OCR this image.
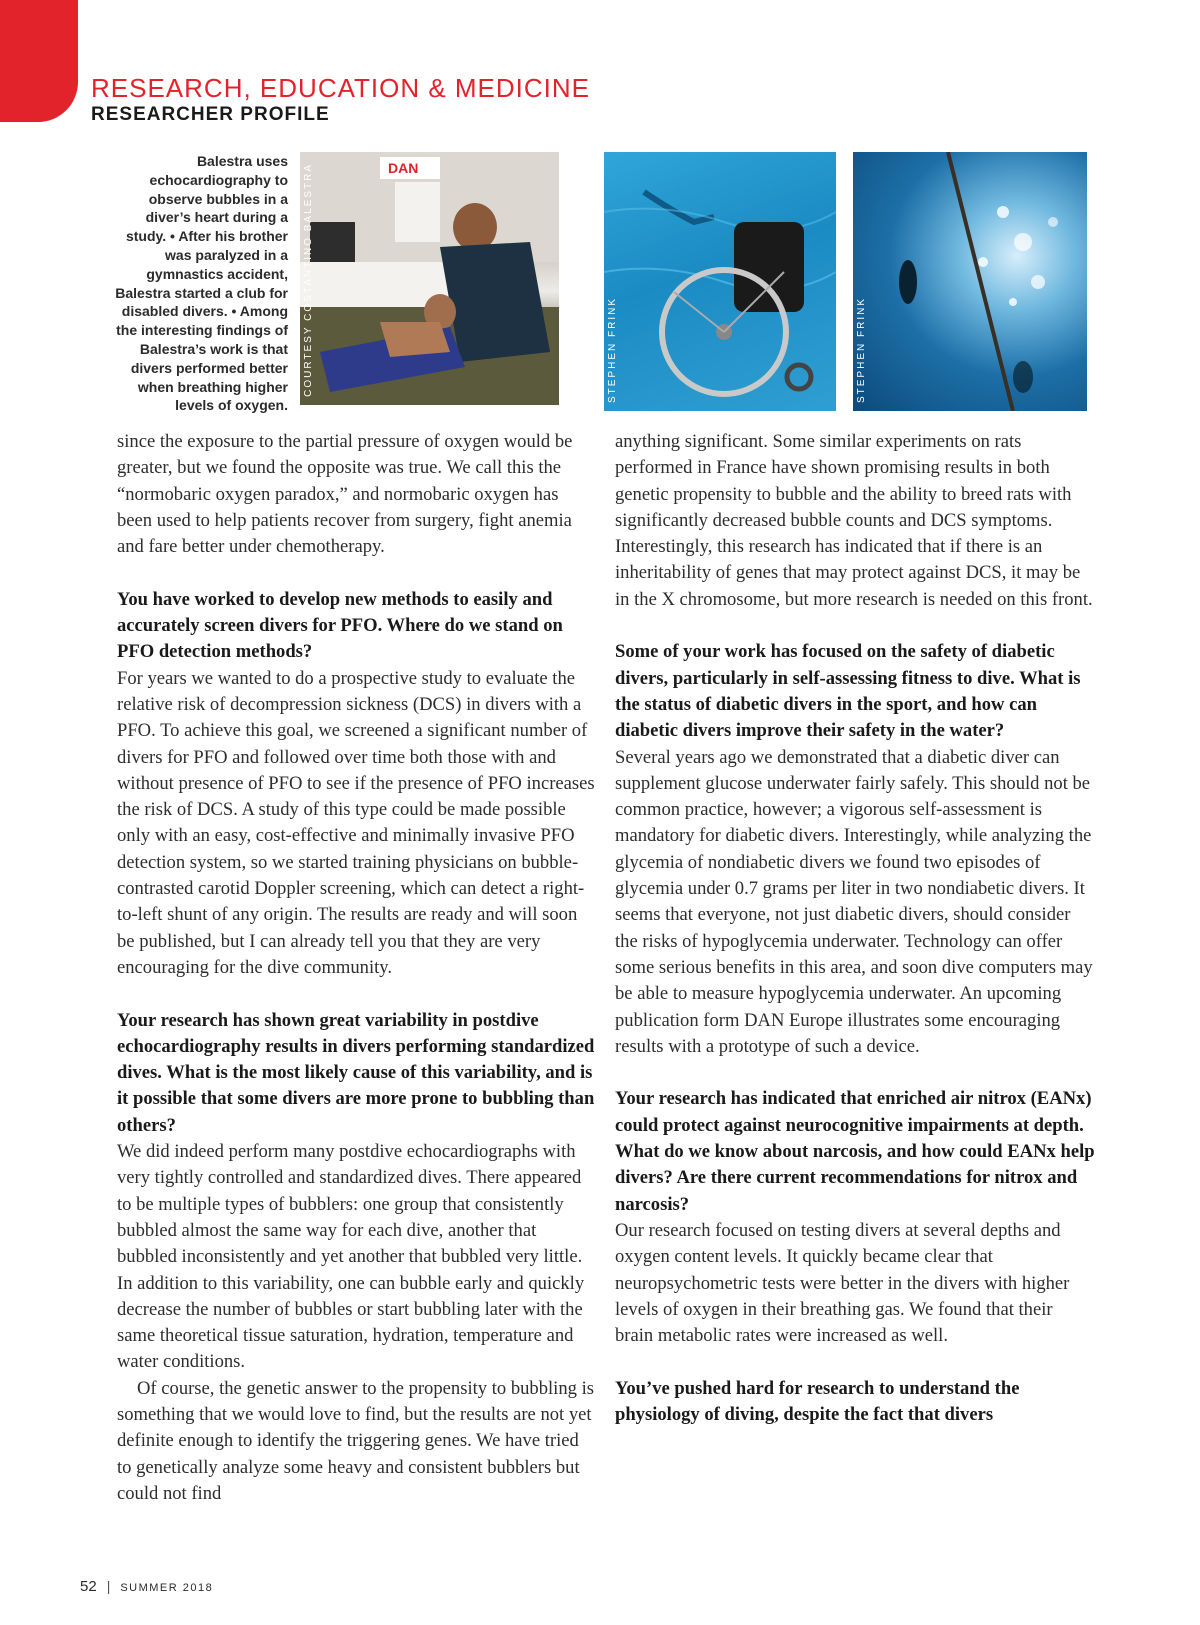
RESEARCH, EDUCATION & MEDICINE
RESEARCHER PROFILE

Balestra uses echocardiography to observe bubbles in a diver’s heart during a study. • After his brother was paralyzed in a gymnastics accident, Balestra started a club for disabled divers. • Among the interesting findings of Balestra’s work is that divers performed better when breathing higher levels of oxygen.

DAN
COURTESY COSTANTINO BALESTRA	STEPHEN FRINK	STEPHEN FRINK

since the exposure to the partial pressure of oxygen would be greater, but we found the opposite was true. We call this the “normobaric oxygen paradox,” and normobaric oxygen has been used to help patients recover from surgery, fight anemia and fare better under chemotherapy.

You have worked to develop new methods to easily and accurately screen divers for PFO. Where do we stand on PFO detection methods?

For years we wanted to do a prospective study to evaluate the relative risk of decompression sickness (DCS) in divers with a PFO. To achieve this goal, we screened a significant number of divers for PFO and followed over time both those with and without presence of PFO to see if the presence of PFO increases the risk of DCS. A study of this type could be made possible only with an easy, cost-effective and minimally invasive PFO detection system, so we started training physicians on bubble-contrasted carotid Doppler screening, which can detect a right-to-left shunt of any origin. The results are ready and will soon be published, but I can already tell you that they are very encouraging for the dive community.

Your research has shown great variability in postdive echocardiography results in divers performing standardized dives. What is the most likely cause of this variability, and is it possible that some divers are more prone to bubbling than others?

We did indeed perform many postdive echocardiographs with very tightly controlled and standardized dives. There appeared to be multiple types of bubblers: one group that consistently bubbled almost the same way for each dive, another that bubbled inconsistently and yet another that bubbled very little. In addition to this variability, one can bubble early and quickly decrease the number of bubbles or start bubbling later with the same theoretical tissue saturation, hydration, temperature and water conditions.

Of course, the genetic answer to the propensity to bubbling is something that we would love to find, but the results are not yet definite enough to identify the triggering genes. We have tried to genetically analyze some heavy and consistent bubblers but could not find

anything significant. Some similar experiments on rats performed in France have shown promising results in both genetic propensity to bubble and the ability to breed rats with significantly decreased bubble counts and DCS symptoms. Interestingly, this research has indicated that if there is an inheritability of genes that may protect against DCS, it may be in the X chromosome, but more research is needed on this front.

Some of your work has focused on the safety of diabetic divers, particularly in self-assessing fitness to dive. What is the status of diabetic divers in the sport, and how can diabetic divers improve their safety in the water?

Several years ago we demonstrated that a diabetic diver can supplement glucose underwater fairly safely. This should not be common practice, however; a vigorous self-assessment is mandatory for diabetic divers. Interestingly, while analyzing the glycemia of nondiabetic divers we found two episodes of glycemia under 0.7 grams per liter in two nondiabetic divers. It seems that everyone, not just diabetic divers, should consider the risks of hypoglycemia underwater. Technology can offer some serious benefits in this area, and soon dive computers may be able to measure hypoglycemia underwater. An upcoming publication form DAN Europe illustrates some encouraging results with a prototype of such a device.

Your research has indicated that enriched air nitrox (EANx) could protect against neurocognitive impairments at depth. What do we know about narcosis, and how could EANx help divers? Are there current recommendations for nitrox and narcosis?

Our research focused on testing divers at several depths and oxygen content levels. It quickly became clear that neuropsychometric tests were better in the divers with higher levels of oxygen in their breathing gas. We found that their brain metabolic rates were increased as well.

You’ve pushed hard for research to understand the physiology of diving, despite the fact that divers

52 | SUMMER 2018
